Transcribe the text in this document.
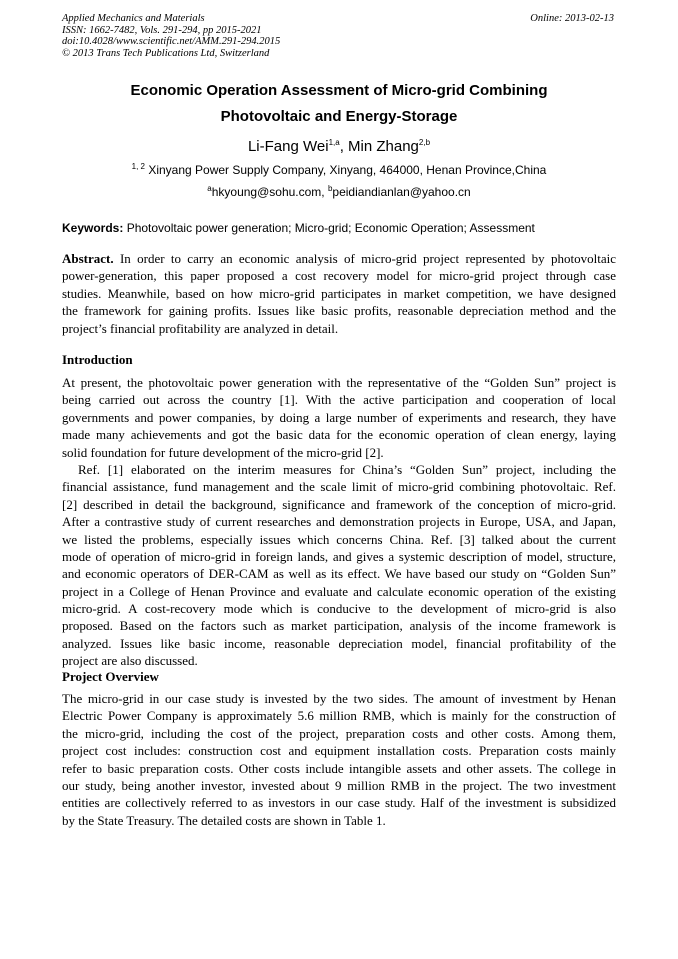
Applied Mechanics and Materials
ISSN: 1662-7482, Vols. 291-294, pp 2015-2021
doi:10.4028/www.scientific.net/AMM.291-294.2015
© 2013 Trans Tech Publications Ltd, Switzerland
Online: 2013-02-13
Economic Operation Assessment of Micro-grid Combining
Photovoltaic and Energy-Storage
Li-Fang Wei$^{1,a}$, Min Zhang$^{2,b}$
$^{1, 2}$ Xinyang Power Supply Company, Xinyang, 464000, Henan Province,China
$^a$hkyoung@sohu.com, $^b$peidiandianlan@yahoo.cn
Keywords: Photovoltaic power generation; Micro-grid; Economic Operation; Assessment
Abstract. In order to carry an economic analysis of micro-grid project represented by photovoltaic
power-generation, this paper proposed a cost recovery model for micro-grid project through case
studies. Meanwhile, based on how micro-grid participates in market competition, we have designed
the framework for gaining profits. Issues like basic profits, reasonable depreciation method and the
project’s financial profitability are analyzed in detail.
Introduction
At present, the photovoltaic power generation with the representative of the “Golden Sun” project is
being carried out across the country [1]. With the active participation and cooperation of local
governments and power companies, by doing a large number of experiments and research, they have
made many achievements and got the basic data for the economic operation of clean energy, laying
solid foundation for future development of the micro-grid [2].
Ref. [1] elaborated on the interim measures for China’s “Golden Sun” project, including the
financial assistance, fund management and the scale limit of micro-grid combining photovoltaic. Ref.
[2] described in detail the background, significance and framework of the conception of micro-grid.
After a contrastive study of current researches and demonstration projects in Europe, USA, and Japan,
we listed the problems, especially issues which concerns China. Ref. [3] talked about the current
mode of operation of micro-grid in foreign lands, and gives a systemic description of model, structure,
and economic operators of DER-CAM as well as its effect. We have based our study on “Golden Sun”
project in a College of Henan Province and evaluate and calculate economic operation of the existing
micro-grid. A cost-recovery mode which is conducive to the development of micro-grid is also
proposed. Based on the factors such as market participation, analysis of the income framework is
analyzed. Issues like basic income, reasonable depreciation model, financial profitability of the
project are also discussed.
Project Overview
The micro-grid in our case study is invested by the two sides. The amount of investment by Henan
Electric Power Company is approximately 5.6 million RMB, which is mainly for the construction of
the micro-grid, including the cost of the project, preparation costs and other costs. Among them,
project cost includes: construction cost and equipment installation costs. Preparation costs mainly
refer to basic preparation costs. Other costs include intangible assets and other assets. The college in
our study, being another investor, invested about 9 million RMB in the project. The two investment
entities are collectively referred to as investors in our case study. Half of the investment is subsidized
by the State Treasury. The detailed costs are shown in Table 1.
